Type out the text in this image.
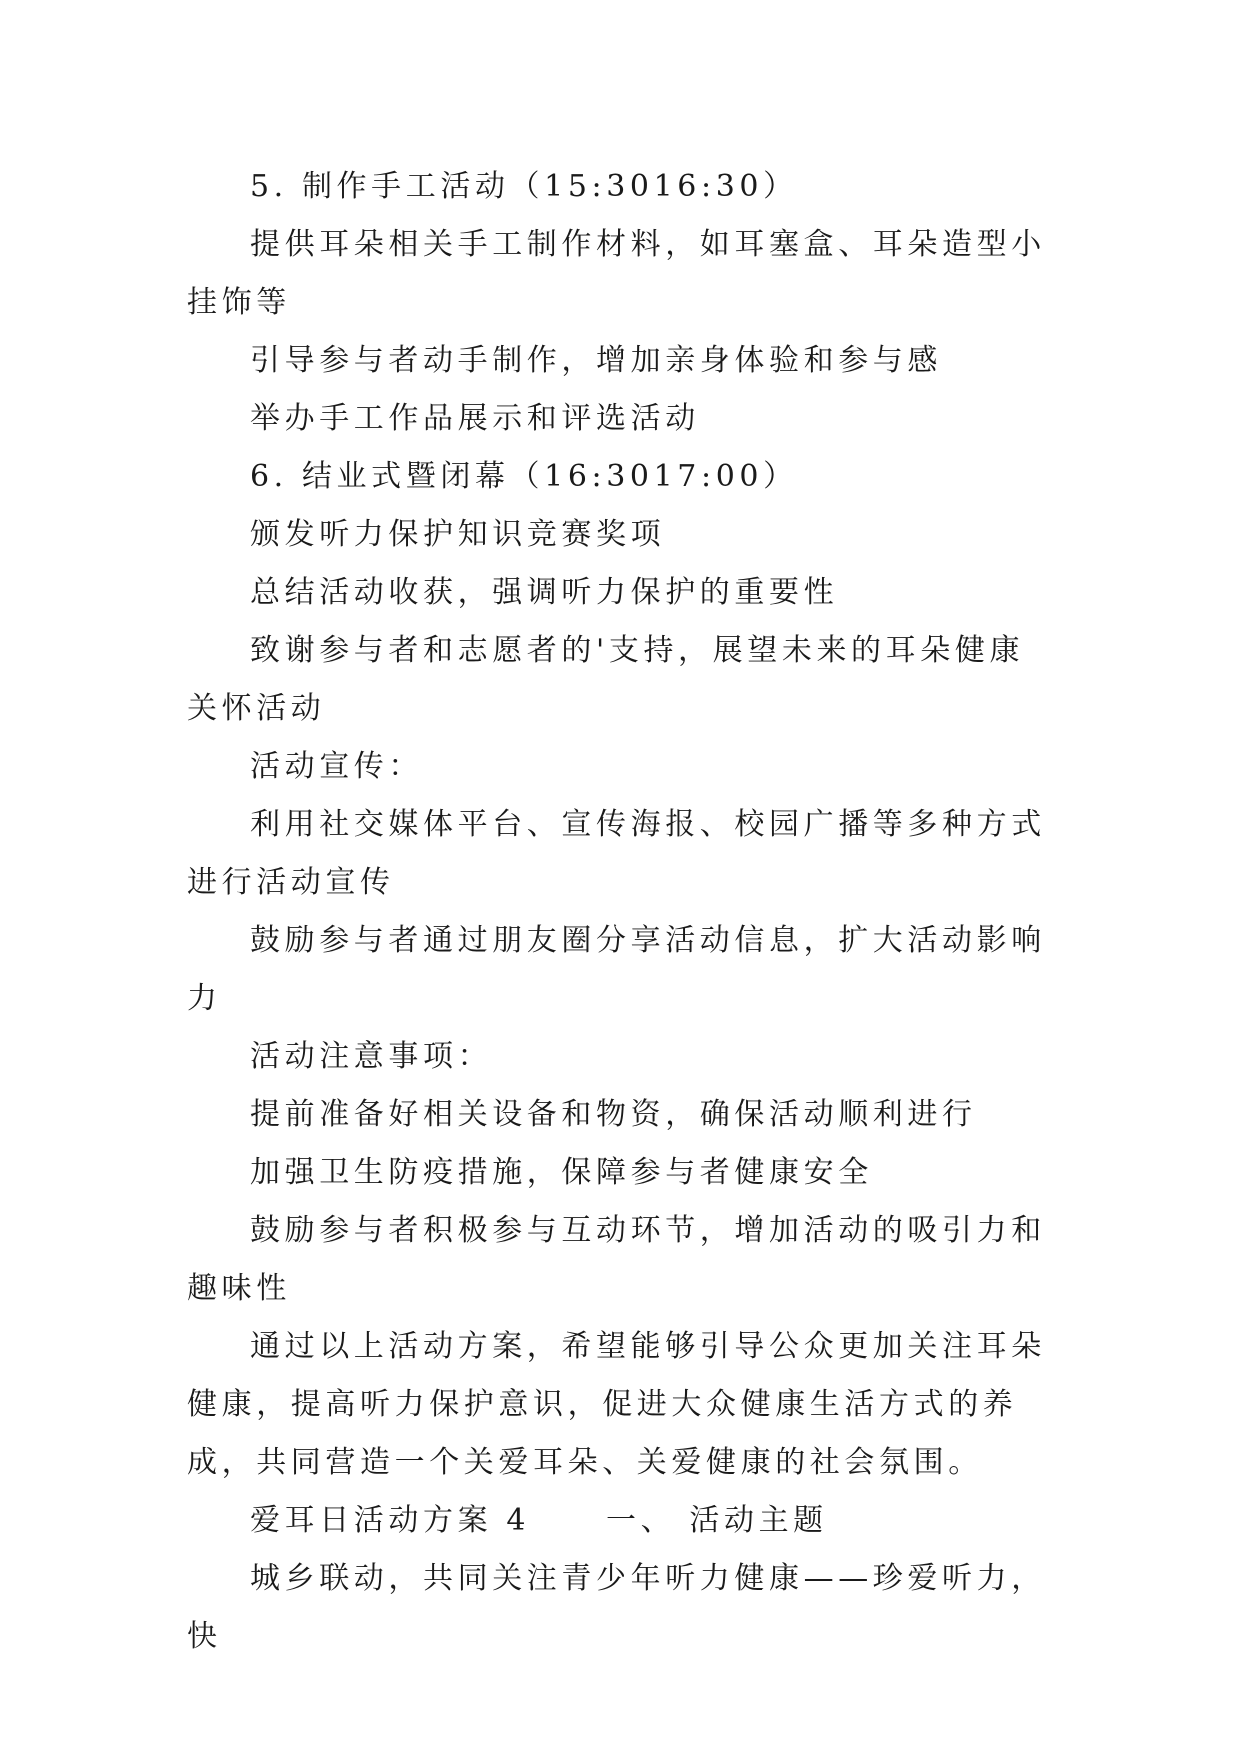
5. 制作手工活动（15:3016:30）

提供耳朵相关手工制作材料，如耳塞盒、耳朵造型小挂饰等

引导参与者动手制作，增加亲身体验和参与感

举办手工作品展示和评选活动

6. 结业式暨闭幕（16:3017:00）

颁发听力保护知识竞赛奖项

总结活动收获，强调听力保护的重要性

致谢参与者和志愿者的'支持，展望未来的耳朵健康关怀活动

活动宣传：

利用社交媒体平台、宣传海报、校园广播等多种方式进行活动宣传

鼓励参与者通过朋友圈分享活动信息，扩大活动影响力

活动注意事项：

提前准备好相关设备和物资，确保活动顺利进行

加强卫生防疫措施，保障参与者健康安全

鼓励参与者积极参与互动环节，增加活动的吸引力和趣味性

通过以上活动方案，希望能够引导公众更加关注耳朵健康，提高听力保护意识，促进大众健康生活方式的养成，共同营造一个关爱耳朵、关爱健康的社会氛围。

爱耳日活动方案 4	一、 活动主题

城乡联动，共同关注青少年听力健康——珍爱听力，快
